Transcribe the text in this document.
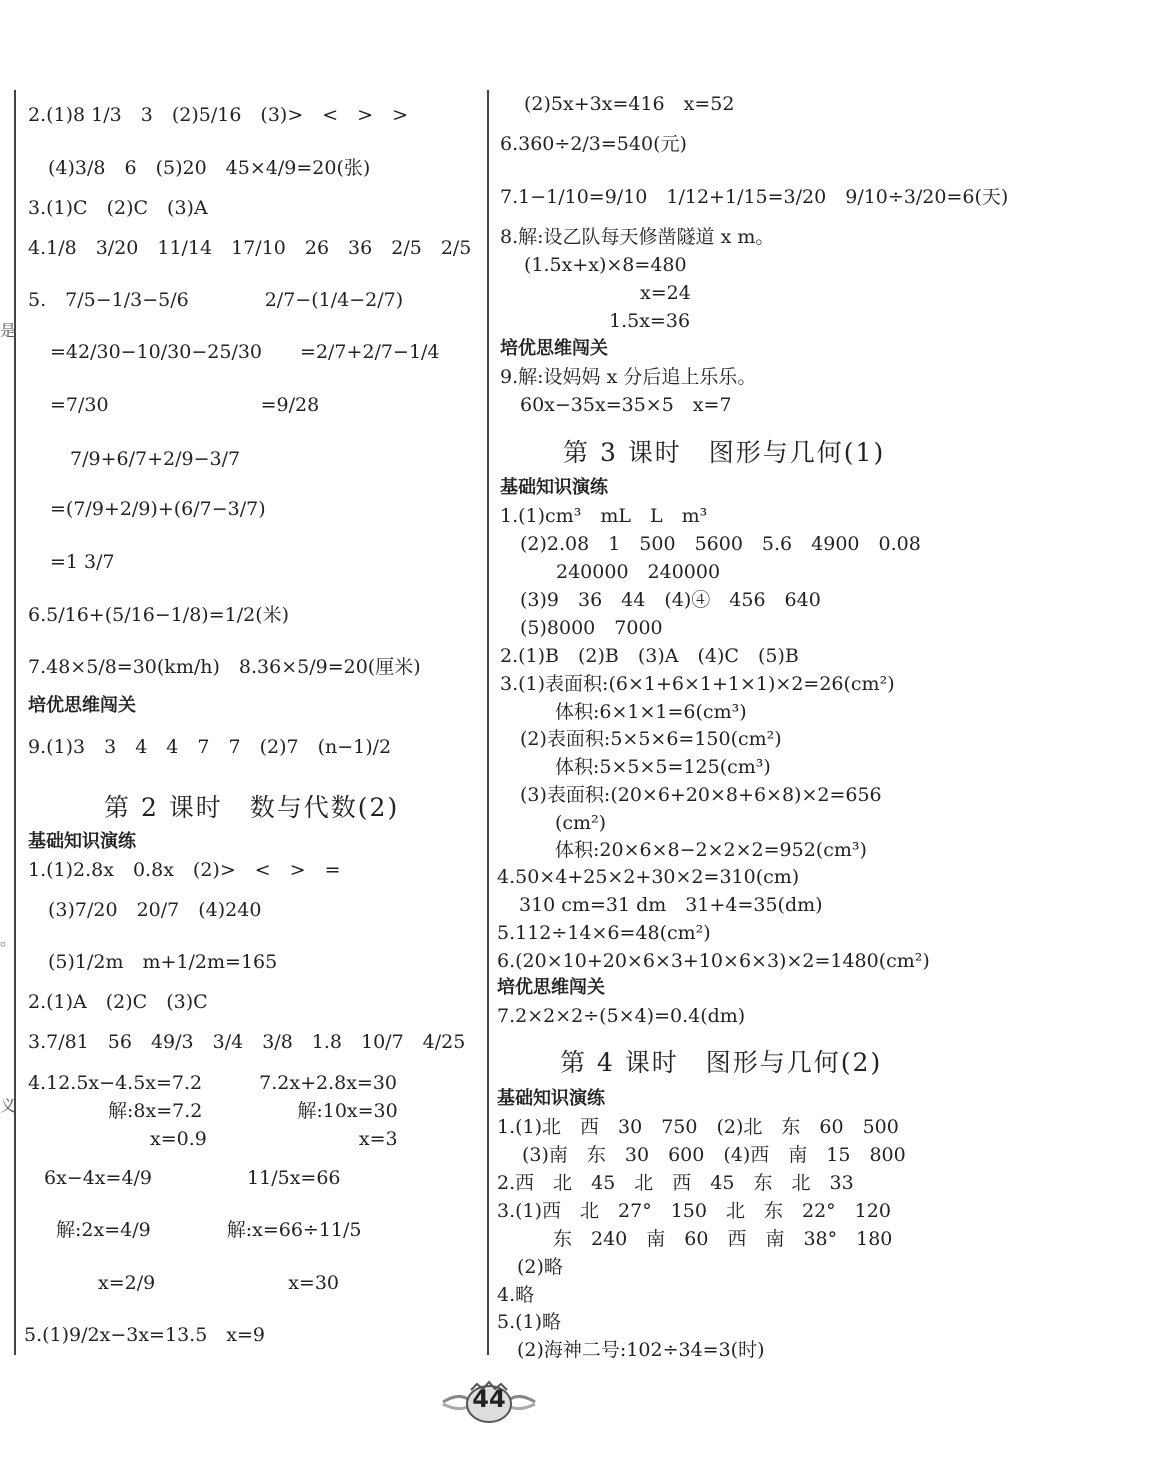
是
。
义
2.(1)8 1/3　3　(2)5/16　(3)>　<　>　>
(4)3/8　6　(5)20　45×4/9=20(张)
3.(1)C　(2)C　(3)A
4.1/8　3/20　11/14　17/10　26　36　2/5　2/5
5.　7/5−1/3−5/6　　　　2/7−(1/4−2/7)
=42/30−10/30−25/30　　=2/7+2/7−1/4
=7/30　　　　　　　　=9/28
7/9+6/7+2/9−3/7
=(7/9+2/9)+(6/7−3/7)
=1 3/7
6.5/16+(5/16−1/8)=1/2(米)
7.48×5/8=30(km/h)　8.36×5/9=20(厘米)
培优思维闯关
9.(1)3　3　4　4　7　7　(2)7　(n−1)/2
第 2 课时　数与代数(2)
基础知识演练
1.(1)2.8x　0.8x　(2)>　<　>　=
(3)7/20　20/7　(4)240
(5)1/2m　m+1/2m=165
2.(1)A　(2)C　(3)C
3.7/81　56　49/3　3/4　3/8　1.8　10/7　4/25
4.12.5x−4.5x=7.2　　　7.2x+2.8x=30
解:8x=7.2　　　　　解:10x=30
x=0.9　　　　　　　　x=3
6x−4x=4/9　　　　　11/5x=66
解:2x=4/9　　　　解:x=66÷11/5
x=2/9　　　　　　　x=30
5.(1)9/2x−3x=13.5　x=9
(2)5x+3x=416　x=52
6.360÷2/3=540(元)
7.1−1/10=9/10　1/12+1/15=3/20　9/10÷3/20=6(天)
8.解:设乙队每天修凿隧道 x m。
(1.5x+x)×8=480
x=24
1.5x=36
培优思维闯关
9.解:设妈妈 x 分后追上乐乐。
60x−35x=35×5　x=7
第 3 课时　图形与几何(1)
基础知识演练
1.(1)cm³　mL　L　m³
(2)2.08　1　500　5600　5.6　4900　0.08
240000　240000
(3)9　36　44　(4)④　456　640
(5)8000　7000
2.(1)B　(2)B　(3)A　(4)C　(5)B
3.(1)表面积:(6×1+6×1+1×1)×2=26(cm²)
体积:6×1×1=6(cm³)
(2)表面积:5×5×6=150(cm²)
体积:5×5×5=125(cm³)
(3)表面积:(20×6+20×8+6×8)×2=656
(cm²)
体积:20×6×8−2×2×2=952(cm³)
4.50×4+25×2+30×2=310(cm)
310 cm=31 dm　31+4=35(dm)
5.112÷14×6=48(cm²)
6.(20×10+20×6×3+10×6×3)×2=1480(cm²)
培优思维闯关
7.2×2×2÷(5×4)=0.4(dm)
第 4 课时　图形与几何(2)
基础知识演练
1.(1)北　西　30　750　(2)北　东　60　500
(3)南　东　30　600　(4)西　南　15　800
2.西　北　45　北　西　45　东　北　33
3.(1)西　北　27°　150　北　东　22°　120
东　240　南　60　西　南　38°　180
(2)略
4.略
5.(1)略
(2)海神二号:102÷34=3(时)
44
